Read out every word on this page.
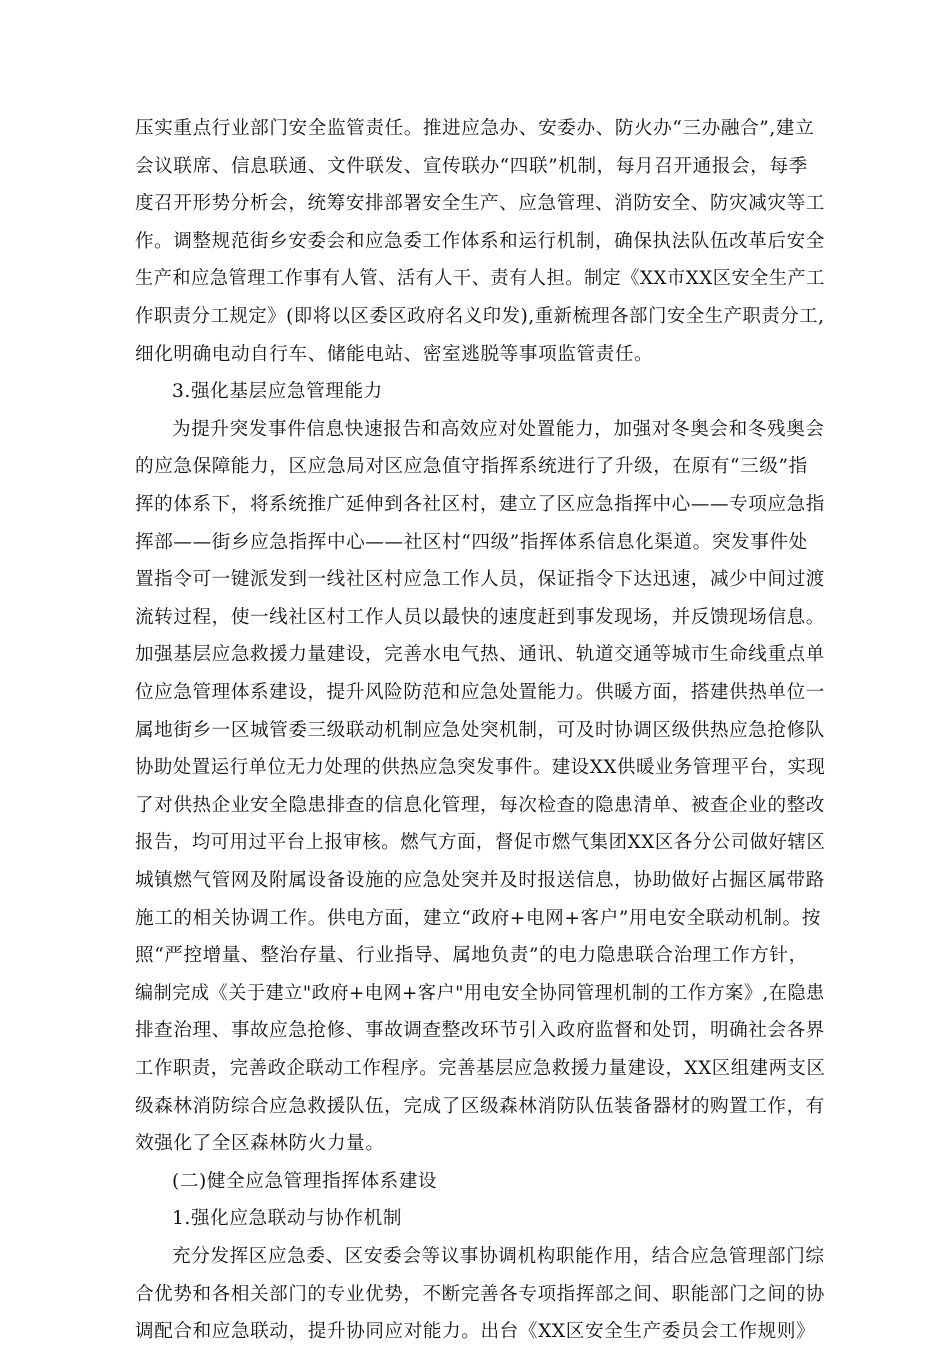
压实重点行业部门安全监管责任。推进应急办、安委办、防火办“三办融合”,建立
会议联席、信息联通、文件联发、宣传联办“四联”机制，每月召开通报会，每季
度召开形势分析会，统筹安排部署安全生产、应急管理、消防安全、防灾减灾等工
作。调整规范街乡安委会和应急委工作体系和运行机制，确保执法队伍改革后安全
生产和应急管理工作事有人管、活有人干、责有人担。制定《XX市XX区安全生产工
作职责分工规定》(即将以区委区政府名义印发),重新梳理各部门安全生产职责分工,
细化明确电动自行车、储能电站、密室逃脱等事项监管责任。
3.强化基层应急管理能力
为提升突发事件信息快速报告和高效应对处置能力，加强对冬奥会和冬残奥会
的应急保障能力，区应急局对区应急值守指挥系统进行了升级，在原有“三级”指
挥的体系下，将系统推广延伸到各社区村，建立了区应急指挥中心——专项应急指
挥部——街乡应急指挥中心——社区村“四级”指挥体系信息化渠道。突发事件处
置指令可一键派发到一线社区村应急工作人员，保证指令下达迅速，减少中间过渡
流转过程，使一线社区村工作人员以最快的速度赶到事发现场，并反馈现场信息。
加强基层应急救援力量建设，完善水电气热、通讯、轨道交通等城市生命线重点单
位应急管理体系建设，提升风险防范和应急处置能力。供暖方面，搭建供热单位一
属地街乡一区城管委三级联动机制应急处突机制，可及时协调区级供热应急抢修队
协助处置运行单位无力处理的供热应急突发事件。建设XX供暖业务管理平台，实现
了对供热企业安全隐患排查的信息化管理，每次检查的隐患清单、被查企业的整改
报告，均可用过平台上报审核。燃气方面，督促市燃气集团XX区各分公司做好辖区
城镇燃气管网及附属设备设施的应急处突并及时报送信息，协助做好占掘区属带路
施工的相关协调工作。供电方面，建立“政府+电网+客户”用电安全联动机制。按
照“严控增量、整治存量、行业指导、属地负责”的电力隐患联合治理工作方针，
编制完成《关于建立"政府+电网+客户"用电安全协同管理机制的工作方案》,在隐患
排查治理、事故应急抢修、事故调查整改环节引入政府监督和处罚，明确社会各界
工作职责，完善政企联动工作程序。完善基层应急救援力量建设，XX区组建两支区
级森林消防综合应急救援队伍，完成了区级森林消防队伍装备器材的购置工作，有
效强化了全区森林防火力量。
(二)健全应急管理指挥体系建设
1.强化应急联动与协作机制
充分发挥区应急委、区安委会等议事协调机构职能作用，结合应急管理部门综
合优势和各相关部门的专业优势，不断完善各专项指挥部之间、职能部门之间的协
调配合和应急联动，提升协同应对能力。出台《XX区安全生产委员会工作规则》
